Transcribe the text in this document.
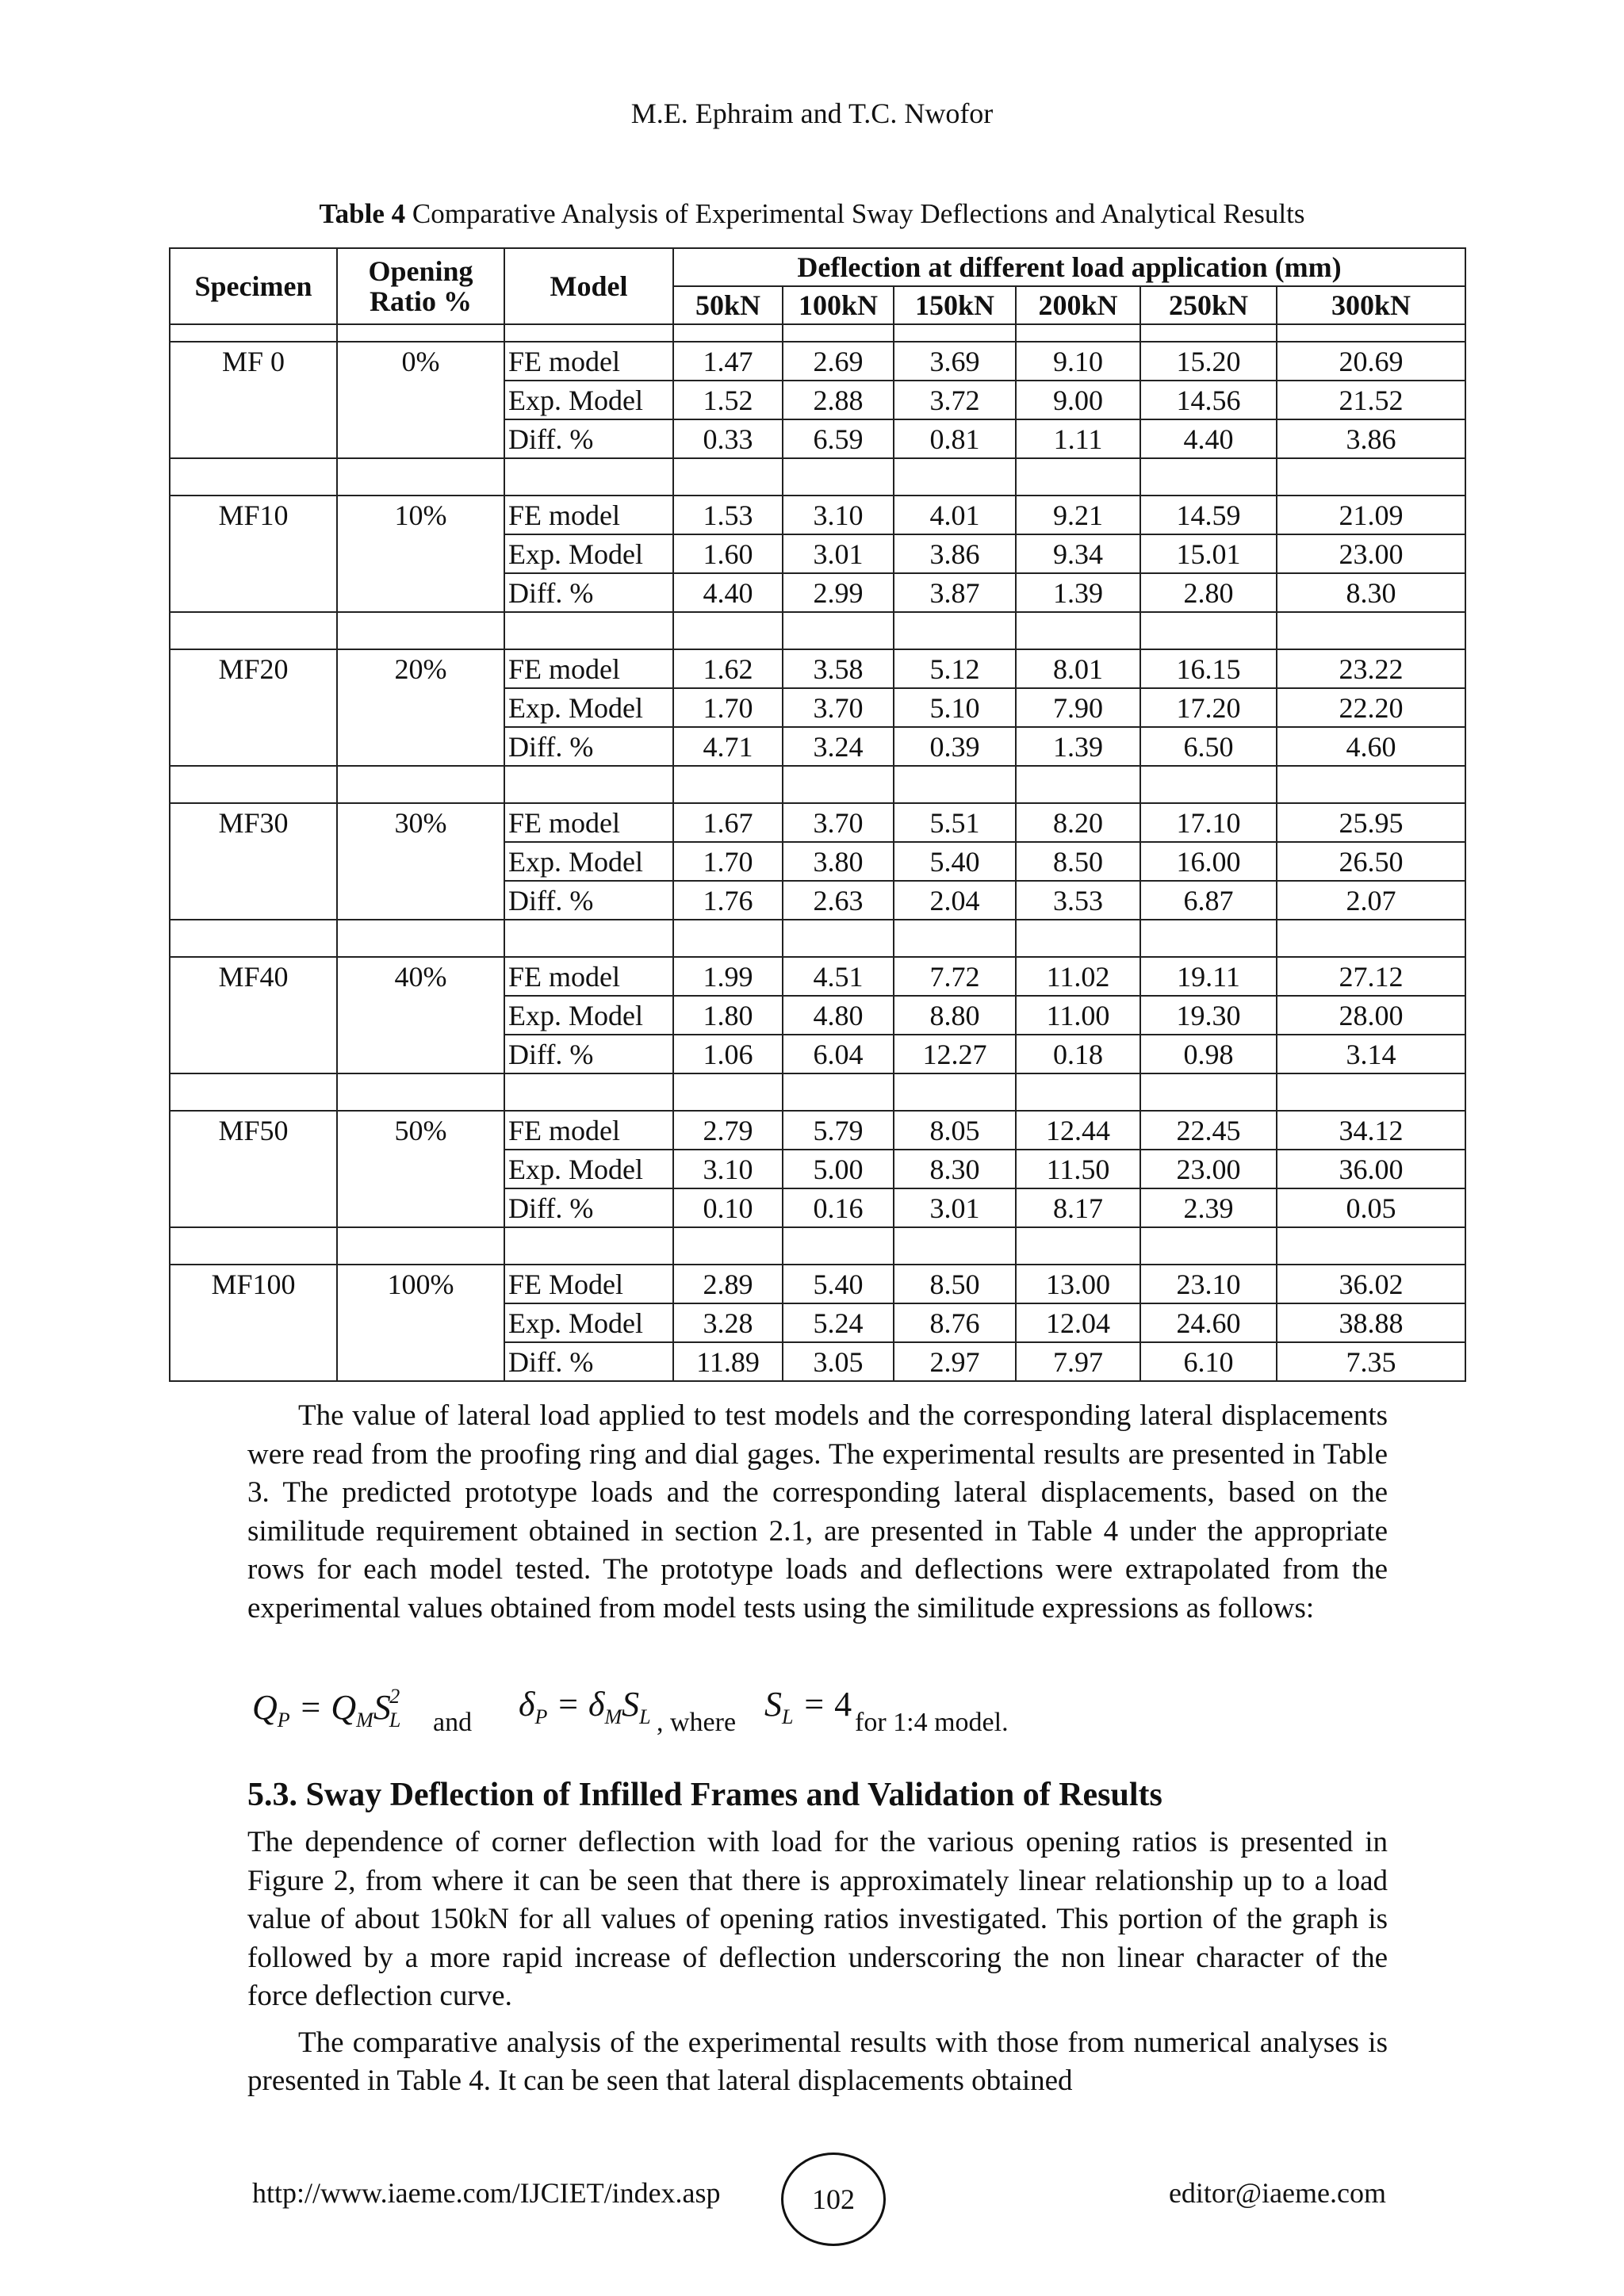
M.E. Ephraim and T.C. Nwofor
Table 4 Comparative Analysis of Experimental Sway Deflections and Analytical Results
Specimen	Opening Ratio %	Model	Deflection at different load application (mm)					
			50kN	100kN	150kN	200kN	250kN	300kN

MF 0	0%	FE model	1.47	2.69	3.69	9.10	15.20	20.69
		Exp. Model	1.52	2.88	3.72	9.00	14.56	21.52
		Diff. %	0.33	6.59	0.81	1.11	4.40	3.86

MF10	10%	FE model	1.53	3.10	4.01	9.21	14.59	21.09
		Exp. Model	1.60	3.01	3.86	9.34	15.01	23.00
		Diff. %	4.40	2.99	3.87	1.39	2.80	8.30

MF20	20%	FE model	1.62	3.58	5.12	8.01	16.15	23.22
		Exp. Model	1.70	3.70	5.10	7.90	17.20	22.20
		Diff. %	4.71	3.24	0.39	1.39	6.50	4.60

MF30	30%	FE model	1.67	3.70	5.51	8.20	17.10	25.95
		Exp. Model	1.70	3.80	5.40	8.50	16.00	26.50
		Diff. %	1.76	2.63	2.04	3.53	6.87	2.07

MF40	40%	FE model	1.99	4.51	7.72	11.02	19.11	27.12
		Exp. Model	1.80	4.80	8.80	11.00	19.30	28.00
		Diff. %	1.06	6.04	12.27	0.18	0.98	3.14

MF50	50%	FE model	2.79	5.79	8.05	12.44	22.45	34.12
		Exp. Model	3.10	5.00	8.30	11.50	23.00	36.00
		Diff. %	0.10	0.16	3.01	8.17	2.39	0.05

MF100	100%	FE Model	2.89	5.40	8.50	13.00	23.10	36.02
		Exp. Model	3.28	5.24	8.76	12.04	24.60	38.88
		Diff. %	11.89	3.05	2.97	7.97	6.10	7.35

The value of lateral load applied to test models and the corresponding lateral displacements were read from the proofing ring and dial gages. The experimental results are presented in Table 3. The predicted prototype loads and the corresponding lateral displacements, based on the similitude requirement obtained in section 2.1, are presented in Table 4 under the appropriate rows for each model tested. The prototype loads and deflections were extrapolated from the experimental values obtained from model tests using the similitude expressions as follows:

$Q_P = Q_MS_L^2$
and $\delta_P = \delta_MS_L$ , where $S_L = 4$ for 1:4 model.
5.3. Sway Deflection of Infilled Frames and Validation of Results

The dependence of corner deflection with load for the various opening ratios is presented in Figure 2, from where it can be seen that there is approximately linear relationship up to a load value of about 150kN for all values of opening ratios investigated. This portion of the graph is followed by a more rapid increase of deflection underscoring the non linear character of the force deflection curve.

The comparative analysis of the experimental results with those from numerical analyses is presented in Table 4. It can be seen that lateral displacements obtained

http://www.iaeme.com/IJCIET/index.asp	102	editor@iaeme.com
